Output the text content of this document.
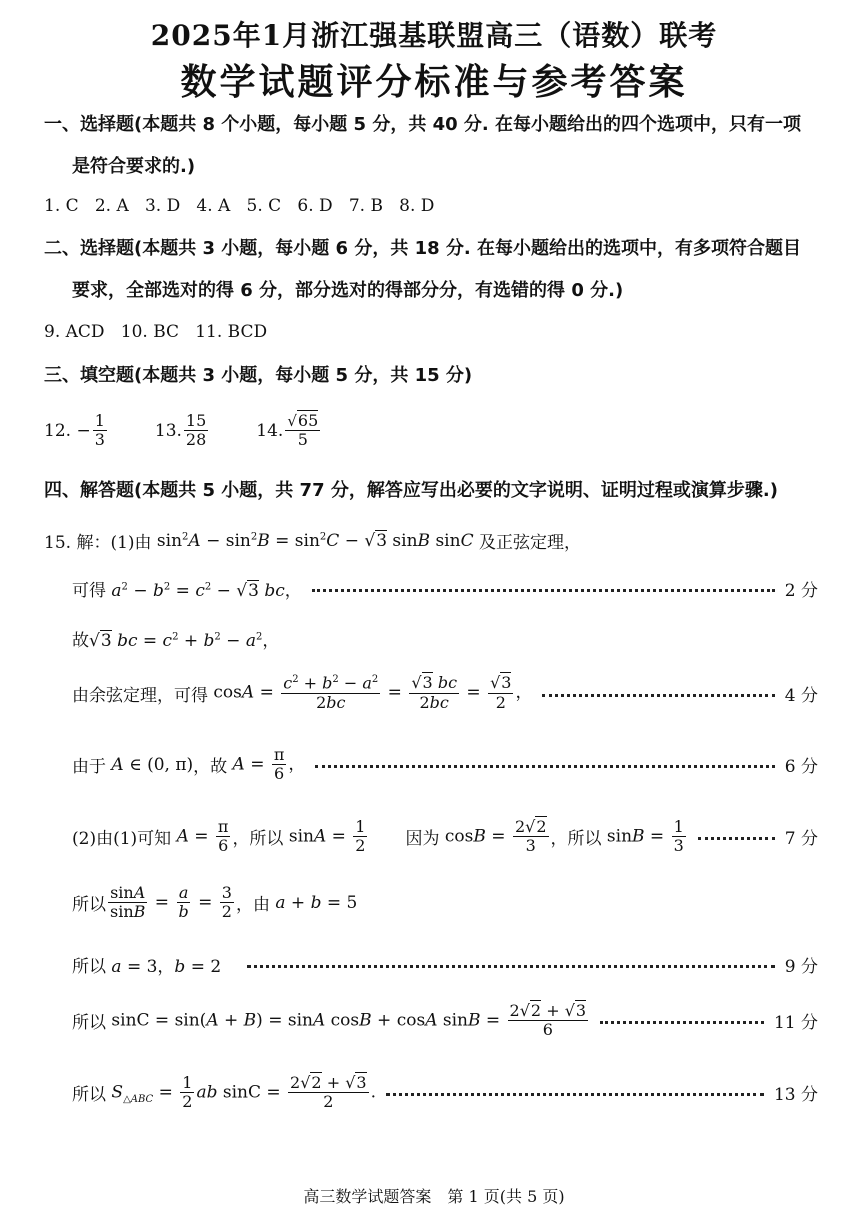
2025年1月浙江强基联盟高三（语数）联考
数学试题评分标准与参考答案
一、选择题(本题共 8 个小题，每小题 5 分，共 40 分. 在每小题给出的四个选项中，只有一项
是符合要求的.)
1. C   2. A   3. D   4. A   5. C   6. D   7. B   8. D
二、选择题(本题共 3 小题，每小题 6 分，共 18 分. 在每小题给出的选项中，有多项符合题目
要求，全部选对的得 6 分，部分选对的得部分分，有选错的得 0 分.)
9. ACD   10. BC   11. BCD
三、填空题(本题共 3 小题，每小题 5 分，共 15 分)
12. − $\frac{1}{3}$	13. $\frac{15}{28}$	14. $\frac{√65}{5}$
四、解答题(本题共 5 小题，共 77 分，解答应写出必要的文字说明、证明过程或演算步骤.)
15. 解：(1)由 $\sin^2A - \sin^2B = \sin^2C - √3$ sinB sinC 及正弦定理，
可得 $a^2 - b^2 = c^2 - √3$ bc，	2 分
故 √3 bc = $c^2 + b^2 - a^2$，
由余弦定理，可得 $\cos A = \frac{c^2 + b^2 - a^2}{2bc} = \frac{√3 bc}{2bc} = \frac{√3}{2}$ ，	4 分
由于 A ∈ (0, π) ，故 $A = \frac{\pi}{6}$ ，	6 分
(2)由(1)可知 $A = \frac{\pi}{6}$ ，所以 $\sin A = \frac{1}{2}$ 因为 $\cos B = \frac{2√2}{3}$ ，所以 $\sin B = \frac{1}{3}$	7 分
所以 $\frac{\sin A}{\sin B} = \frac{a}{b} = \frac{3}{2}$ ，由 a + b = 5
所以 a = 3，b = 2	9 分
所以 sinC = sin(A + B) = sinA cosB + cosA $\sin B = \frac{2√2 + √3}{6}$	11 分
所以 $S_{\triangle ABC} = \frac{1}{2}$ ab $\sin C = \frac{2√2 + √3}{2}$ .	13 分
高三数学试题答案　第 1 页(共 5 页)
